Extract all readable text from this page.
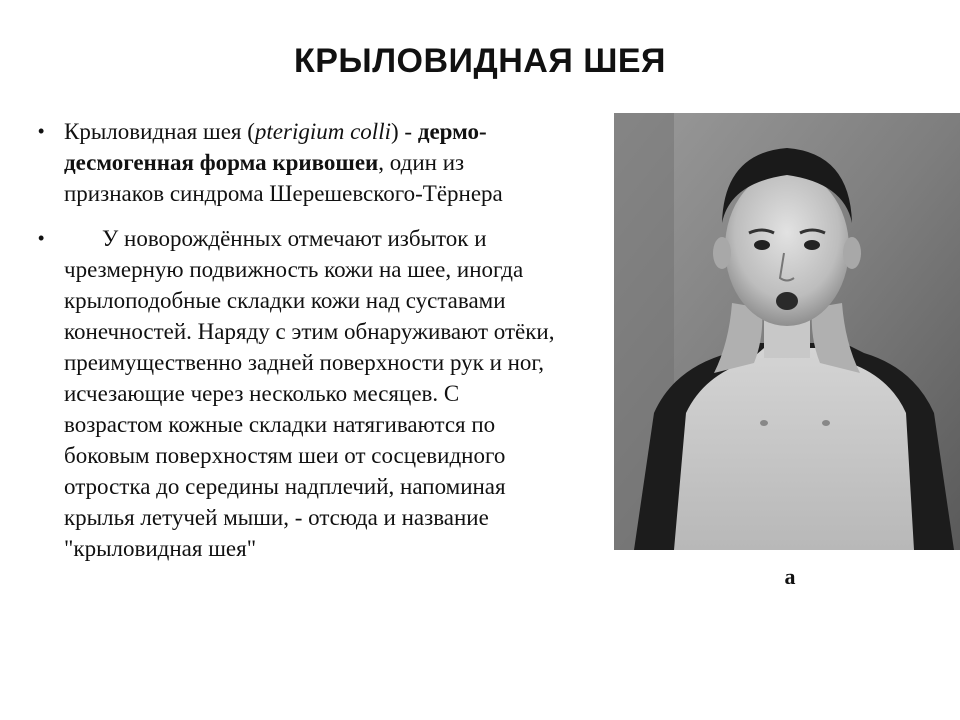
КРЫЛОВИДНАЯ ШЕЯ
• Крыловидная шея (pterigium colli) - дермо-десмогенная форма кривошеи, один из признаков синдрома Шерешевского-Тёрнера
•	У новорождённых отмечают избыток и чрезмерную подвижность кожи на шее, иногда крылоподобные складки кожи над суставами конечностей. Наряду с этим обнаруживают отёки, преимущественно задней поверхности рук и ног, исчезающие через несколько месяцев. С возрастом кожные складки натягиваются по боковым поверхностям шеи от сосцевидного отростка до середины надплечий, напоминая крылья летучей мыши, - отсюда и название "крыловидная шея"
а
